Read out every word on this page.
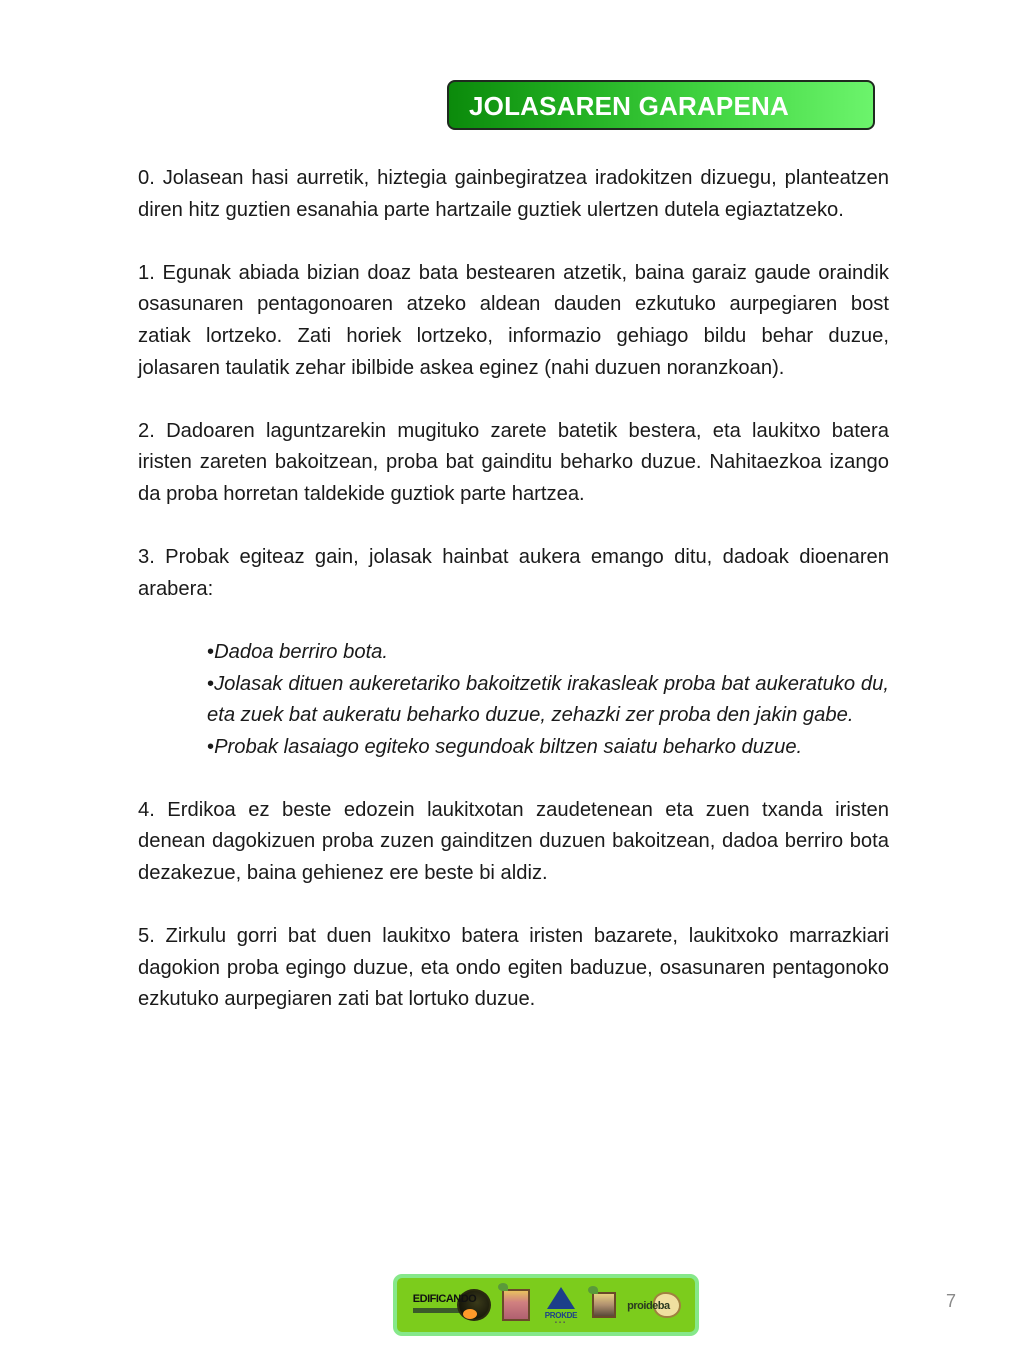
JOLASAREN GARAPENA

0. Jolasean hasi aurretik, hiztegia gainbegiratzea iradokitzen dizuegu, planteatzen diren hitz guztien esanahia parte hartzaile guztiek ulertzen dutela egiaztatzeko.

1. Egunak abiada bizian doaz bata bestearen atzetik, baina garaiz gaude oraindik osasunaren pentagonoaren atzeko aldean dauden ezkutuko aurpegiaren bost zatiak lortzeko. Zati horiek lortzeko, informazio gehiago bildu behar duzue, jolasaren taulatik zehar ibilbide askea eginez (nahi duzuen noranzkoan).

2. Dadoaren laguntzarekin mugituko zarete batetik bestera, eta laukitxo batera iristen zareten bakoitzean, proba bat gainditu beharko duzue. Nahitaezkoa izango da proba horretan taldekide guztiok parte hartzea.

3. Probak egiteaz gain, jolasak hainbat aukera emango ditu, dadoak dioenaren arabera:

•Dadoa berriro bota.
•Jolasak dituen aukeretariko bakoitzetik irakasleak proba bat aukeratuko du, eta zuek bat aukeratu beharko duzue, zehazki zer proba den jakin gabe.
•Probak lasaiago egiteko segundoak biltzen saiatu beharko duzue.

4. Erdikoa ez beste edozein laukitxotan zaudetenean eta zuen txanda iristen denean dagokizuen proba zuzen gainditzen duzuen bakoitzean, dadoa berriro bota dezakezue, baina gehienez ere beste bi aldiz.

5. Zirkulu gorri bat duen laukitxo batera iristen bazarete, laukitxoko marrazkiari dagokion proba egingo duzue, eta ondo egiten baduzue, osasunaren pentagonoko ezkutuko aurpegiaren zati bat lortuko duzue.

EDIFICANDO
PROKDE
▪▪▪
proideba	7
